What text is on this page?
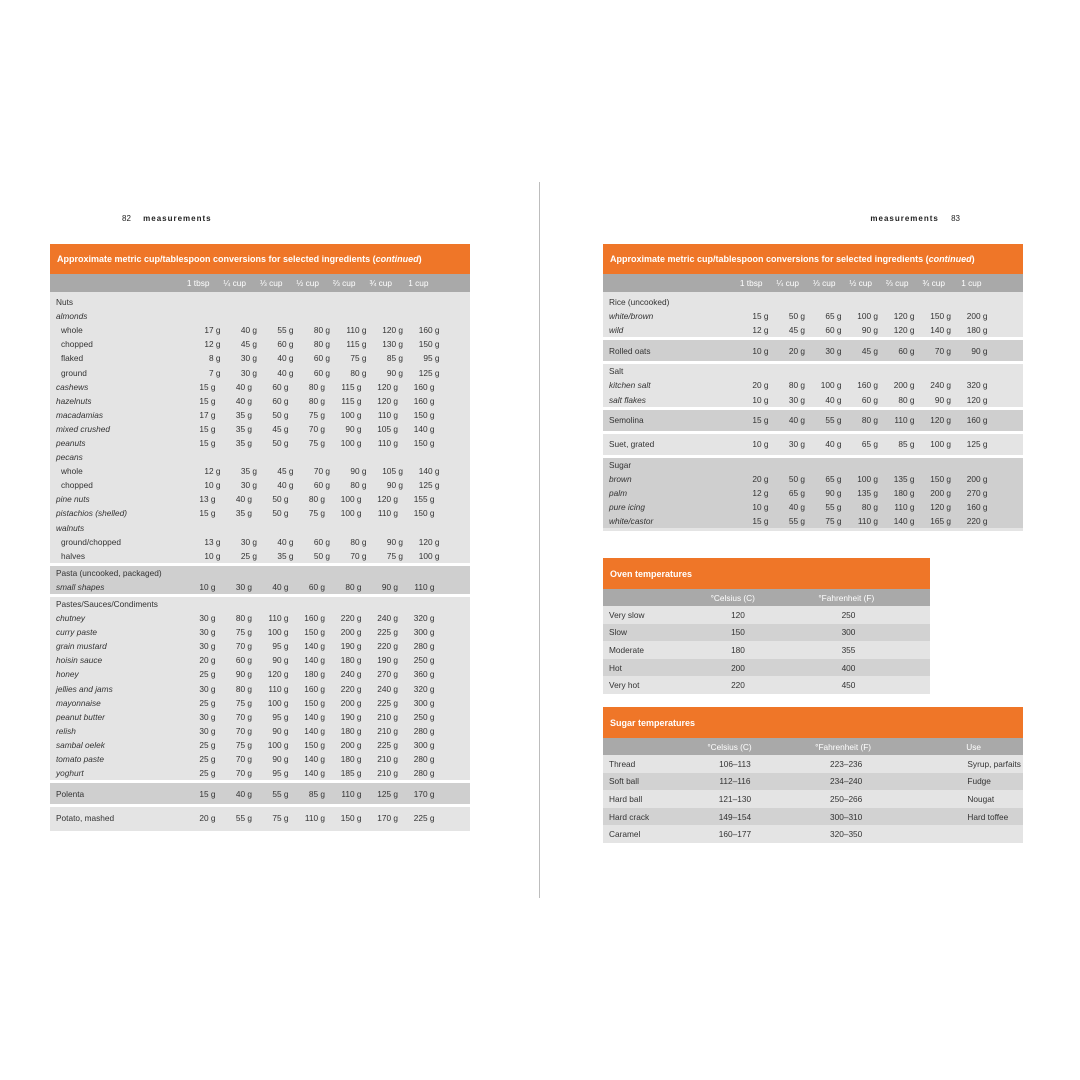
82 measurements	measurements 83
Approximate metric cup/tablespoon conversions for selected ingredients ( continued )
1 tbsp	¼ cup	⅓ cup	½ cup	⅔ cup	¾ cup	1 cup
Nuts
almonds
whole	17 g	40 g	55 g	80 g	110 g	120 g	160 g
chopped	12 g	45 g	60 g	80 g	115 g	130 g	150 g
flaked	8 g	30 g	40 g	60 g	75 g	85 g	95 g
ground	7 g	30 g	40 g	60 g	80 g	90 g	125 g
cashews	15 g	40 g	60 g	80 g	115 g	120 g	160 g
hazelnuts	15 g	40 g	60 g	80 g	115 g	120 g	160 g
macadamias	17 g	35 g	50 g	75 g	100 g	110 g	150 g
mixed crushed	15 g	35 g	45 g	70 g	90 g	105 g	140 g
peanuts	15 g	35 g	50 g	75 g	100 g	110 g	150 g
pecans
whole	12 g	35 g	45 g	70 g	90 g	105 g	140 g
chopped	10 g	30 g	40 g	60 g	80 g	90 g	125 g
pine nuts	13 g	40 g	50 g	80 g	100 g	120 g	155 g
pistachios (shelled)	15 g	35 g	50 g	75 g	100 g	110 g	150 g
walnuts
ground/chopped	13 g	30 g	40 g	60 g	80 g	90 g	120 g
halves	10 g	25 g	35 g	50 g	70 g	75 g	100 g
Pasta (uncooked, packaged)
small shapes	10 g	30 g	40 g	60 g	80 g	90 g	110 g
Pastes/Sauces/Condiments
chutney	30 g	80 g	110 g	160 g	220 g	240 g	320 g
curry paste	30 g	75 g	100 g	150 g	200 g	225 g	300 g
grain mustard	30 g	70 g	95 g	140 g	190 g	220 g	280 g
hoisin sauce	20 g	60 g	90 g	140 g	180 g	190 g	250 g
honey	25 g	90 g	120 g	180 g	240 g	270 g	360 g
jellies and jams	30 g	80 g	110 g	160 g	220 g	240 g	320 g
mayonnaise	25 g	75 g	100 g	150 g	200 g	225 g	300 g
peanut butter	30 g	70 g	95 g	140 g	190 g	210 g	250 g
relish	30 g	70 g	90 g	140 g	180 g	210 g	280 g
sambal oelek	25 g	75 g	100 g	150 g	200 g	225 g	300 g
tomato paste	25 g	70 g	90 g	140 g	180 g	210 g	280 g
yoghurt	25 g	70 g	95 g	140 g	185 g	210 g	280 g
Polenta	15 g	40 g	55 g	85 g	110 g	125 g	170 g
Potato, mashed	20 g	55 g	75 g	110 g	150 g	170 g	225 g
Approximate metric cup/tablespoon conversions for selected ingredients ( continued )
1 tbsp	¼ cup	⅓ cup	½ cup	⅔ cup	¾ cup	1 cup
Rice (uncooked)
white/brown	15 g	50 g	65 g	100 g	120 g	150 g	200 g
wild	12 g	45 g	60 g	90 g	120 g	140 g	180 g
Rolled oats	10 g	20 g	30 g	45 g	60 g	70 g	90 g
Salt
kitchen salt	20 g	80 g	100 g	160 g	200 g	240 g	320 g
salt flakes	10 g	30 g	40 g	60 g	80 g	90 g	120 g
Semolina	15 g	40 g	55 g	80 g	110 g	120 g	160 g
Suet, grated	10 g	30 g	40 g	65 g	85 g	100 g	125 g
Sugar
brown	20 g	50 g	65 g	100 g	135 g	150 g	200 g
palm	12 g	65 g	90 g	135 g	180 g	200 g	270 g
pure icing	10 g	40 g	55 g	80 g	110 g	120 g	160 g
white/castor	15 g	55 g	75 g	110 g	140 g	165 g	220 g
Oven temperatures
°Celsius (C)	°Fahrenheit (F)
Very slow	120	250
Slow	150	300
Moderate	180	355
Hot	200	400
Very hot	220	450
Sugar temperatures
°Celsius (C)	°Fahrenheit (F)	Use
Thread	106–113	223–236	Syrup, parfaits
Soft ball	112–116	234–240	Fudge
Hard ball	121–130	250–266	Nougat
Hard crack	149–154	300–310	Hard toffee
Caramel	160–177	320–350
